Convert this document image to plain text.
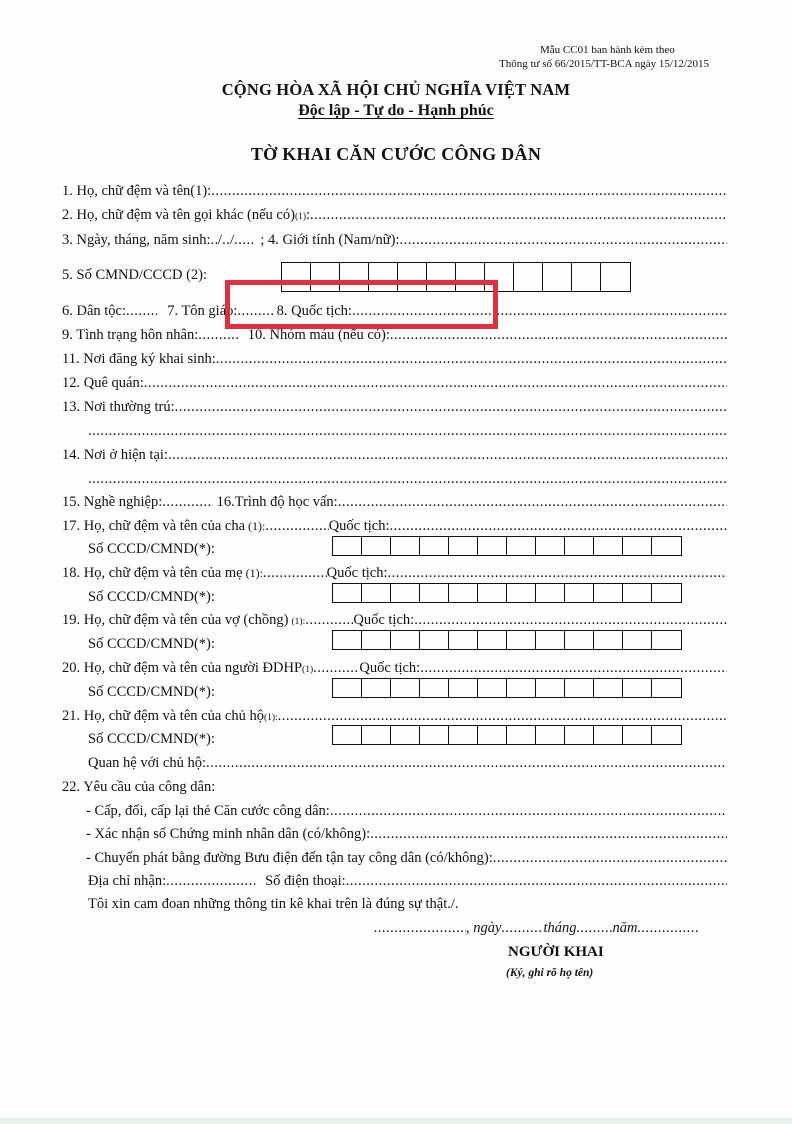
Mẫu CC01 ban hành kèm theo
Thông tư số 66/2015/TT-BCA ngày 15/12/2015
CỘNG HÒA XÃ HỘI CHỦ NGHĨA VIỆT NAM
Độc lập - Tự do - Hạnh phúc
TỜ KHAI CĂN CƯỚC CÔNG DÂN
1. Họ, chữ đệm và tên(1):
.....
2. Họ, chữ đệm và tên gọi khác (nếu có) (1) :
.....
3. Ngày, tháng, năm sinh: ..... / ..... / ..... ; 4. Giới tính (Nam/nữ):
.....
5. Số CMND/CCCD (2):
6. Dân tộc: .....	7. Tôn giáo: .....	8. Quốc tịch:
.....
9. Tình trạng hôn nhân: .....	10. Nhóm máu (nếu có):
.....
11. Nơi đăng ký khai sinh:
.....
12. Quê quán:
.....
13. Nơi thường trú:
.....
.....
14. Nơi ở hiện tại:
.....
.....
15. Nghề nghiệp: .....	16.Trình độ học vấn:
.....
17. Họ, chữ đệm và tên của cha (1): .....	Quốc tịch:
.....
Số CCCD/CMND(*):
18. Họ, chữ đệm và tên của mẹ (1): .....	Quốc tịch:
.....
Số CCCD/CMND(*):
19. Họ, chữ đệm và tên của vợ (chồng) (1): .....	Quốc tịch:
.....
Số CCCD/CMND(*):
20. Họ, chữ đệm và tên của người ĐDHP (1) .....	Quốc tịch:
.....
Số CCCD/CMND(*):
21. Họ, chữ đệm và tên của chủ hộ (1):
.....
Số CCCD/CMND(*):
Quan hệ với chủ hộ:
.....
22. Yêu cầu của công dân:
- Cấp, đổi, cấp lại thẻ Căn cước công dân:
.....
- Xác nhận số Chứng minh nhân dân (có/không):
.....
- Chuyển phát bằng đường Bưu điện đến tận tay công dân (có/không):
.....
Địa chỉ nhận: .....	Số điện thoại:
.....
Tôi xin cam đoan những thông tin kê khai trên là đúng sự thật./.
.....
, ngày .....	tháng ..... năm
.....
NGƯỜI KHAI
(Ký, ghi rõ họ tên)
